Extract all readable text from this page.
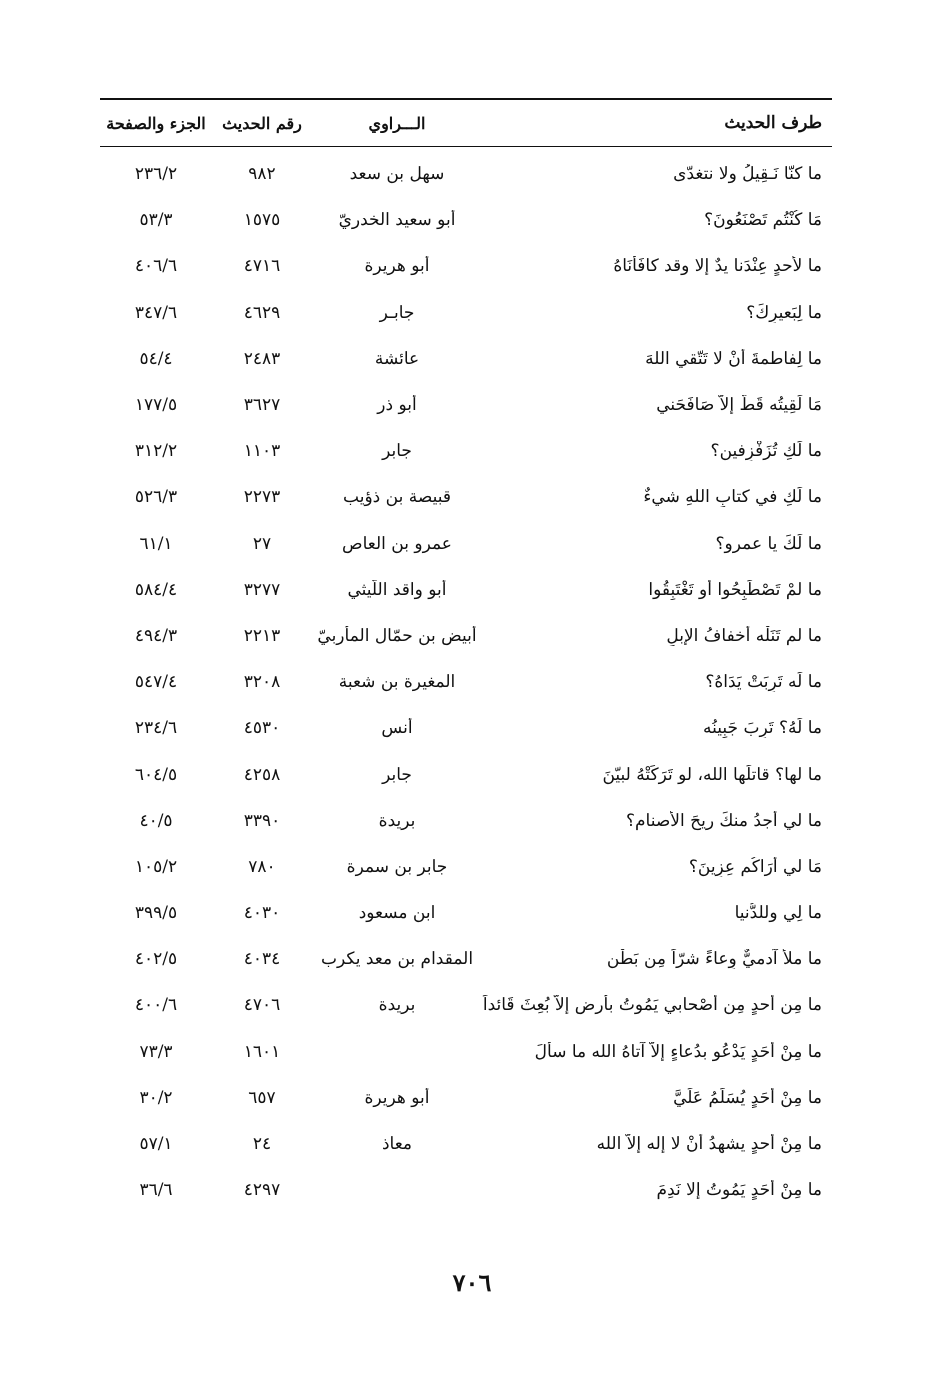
طرف الحديث
الـــراوي
رقم الحديث
الجزء والصفحة
ما كنّا نَـقِيلُ ولا نتغدّى
سهل بن سعد
٩٨٢
٢٣٦/٢
مَا كُنْتُم تَصْنَعُونَ؟
أبو سعيد الخدريّ
١٥٧٥
٥٣/٣
ما لأحدٍ عِنْدَنا يدٌ إلا وقد كافَأْنَاهُ
أبو هريرة
٤٧١٦
٤٠٦/٦
ما لِبَعيرِكَ؟
جابـر
٤٦٢٩
٣٤٧/٦
ما لِفاطمةَ أنْ لا تَتّقي اللهَ
عائشة
٢٤٨٣
٥٤/٤
مَا لَقِيتُه قَطُّ إلاّ صَافَحَني
أبو ذر
٣٦٢٧
١٧٧/٥
ما لَكِ تُزَفْزِفين؟
جابر
١١٠٣
٣١٢/٢
ما لَكِ في كتابِ اللهِ شيءٌ
قبيصة بن ذؤيب
٢٢٧٣
٥٢٦/٣
ما لَكَ يا عمرو؟
عمرو بن العاص
٢٧
٦١/١
ما لمْ تَصْطَبِحُوا أو تَغْتَبِقُوا
أبو واقد اللّيثي
٣٢٧٧
٥٨٤/٤
ما لم تَنَلْه أخفافُ الإبلِ
أبيض بن حمّال المأربيّ
٢٢١٣
٤٩٤/٣
ما لَه تَرِبَتْ يَدَاهُ؟
المغيرة بن شعبة
٣٢٠٨
٥٤٧/٤
ما لَهُ؟ تَرِبَ جَبِينُه
أنس
٤٥٣٠
٢٣٤/٦
ما لها؟ قاتلَها الله، لو تَرَكَتْهُ لبيّنَ
جابر
٤٢٥٨
٦٠٤/٥
ما لي أجدُ منكَ ريحَ الأصنامِ؟
بريدة
٣٣٩٠
٤٠/٥
مَا لي أَرَاكُم عِزِينَ؟
جابر بن سمرة
٧٨٠
١٠٥/٢
ما لِي وللدُّنيا
ابن مسعود
٤٠٣٠
٣٩٩/٥
ما ملأ آدميٌّ وِعاءً شرّاً مِن بَطْنٍ
المقدام بن معد يكرب
٤٠٣٤
٤٠٢/٥
ما مِن أحدٍ مِن أَصْحابي يَمُوتُ بأرضٍ إلاّ بُعِثَ قَائداً
بريدة
٤٧٠٦
٤٠٠/٦
ما مِنْ أحَدٍ يَدْعُو بدُعاءٍ إلاّ آتاهُ الله ما سأَلَ
١٦٠١
٧٣/٣
ما مِنْ أحَدٍ يُسَلِّمُ عَلَيَّ
أبو هريرة
٦٥٧
٣٠/٢
ما مِنْ أحدٍ يشهدُ أنْ لا إله إلاّ الله
معاذ
٢٤
٥٧/١
ما مِنْ أحَدٍ يَمُوتُ إلا نَدِمَ
٤٢٩٧
٣٦/٦
٧٠٦
